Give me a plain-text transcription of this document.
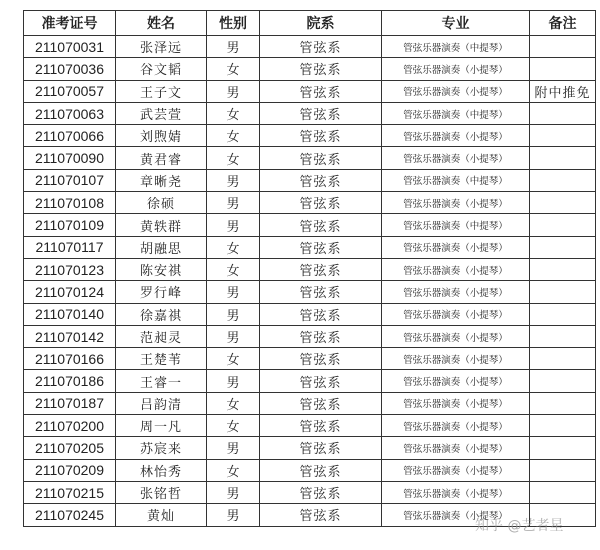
准考证号	姓名	性别	院系	专业	备注
211070031	张泽远	男	管弦系	管弦乐器演奏（中提琴）	
211070036	谷文韬	女	管弦系	管弦乐器演奏（小提琴）	
211070057	王子文	男	管弦系	管弦乐器演奏（小提琴）	附中推免
211070063	武芸萱	女	管弦系	管弦乐器演奏（中提琴）	
211070066	刘煦婧	女	管弦系	管弦乐器演奏（小提琴）	
211070090	黄君睿	女	管弦系	管弦乐器演奏（小提琴）	
211070107	章晰尧	男	管弦系	管弦乐器演奏（中提琴）	
211070108	徐硕	男	管弦系	管弦乐器演奏（小提琴）	
211070109	黄轶群	男	管弦系	管弦乐器演奏（中提琴）	
211070117	胡融思	女	管弦系	管弦乐器演奏（小提琴）	
211070123	陈安祺	女	管弦系	管弦乐器演奏（小提琴）	
211070124	罗行峰	男	管弦系	管弦乐器演奏（小提琴）	
211070140	徐嘉祺	男	管弦系	管弦乐器演奏（小提琴）	
211070142	范昶灵	男	管弦系	管弦乐器演奏（小提琴）	
211070166	王楚苇	女	管弦系	管弦乐器演奏（小提琴）	
211070186	王睿一	男	管弦系	管弦乐器演奏（小提琴）	
211070187	吕韵清	女	管弦系	管弦乐器演奏（小提琴）	
211070200	周一凡	女	管弦系	管弦乐器演奏（小提琴）	
211070205	苏宸来	男	管弦系	管弦乐器演奏（小提琴）	
211070209	林怡秀	女	管弦系	管弦乐器演奏（小提琴）	
211070215	张铭哲	男	管弦系	管弦乐器演奏（小提琴）	
211070245	黄灿	男	管弦系	管弦乐器演奏（小提琴）	
知乎 @艺者星
